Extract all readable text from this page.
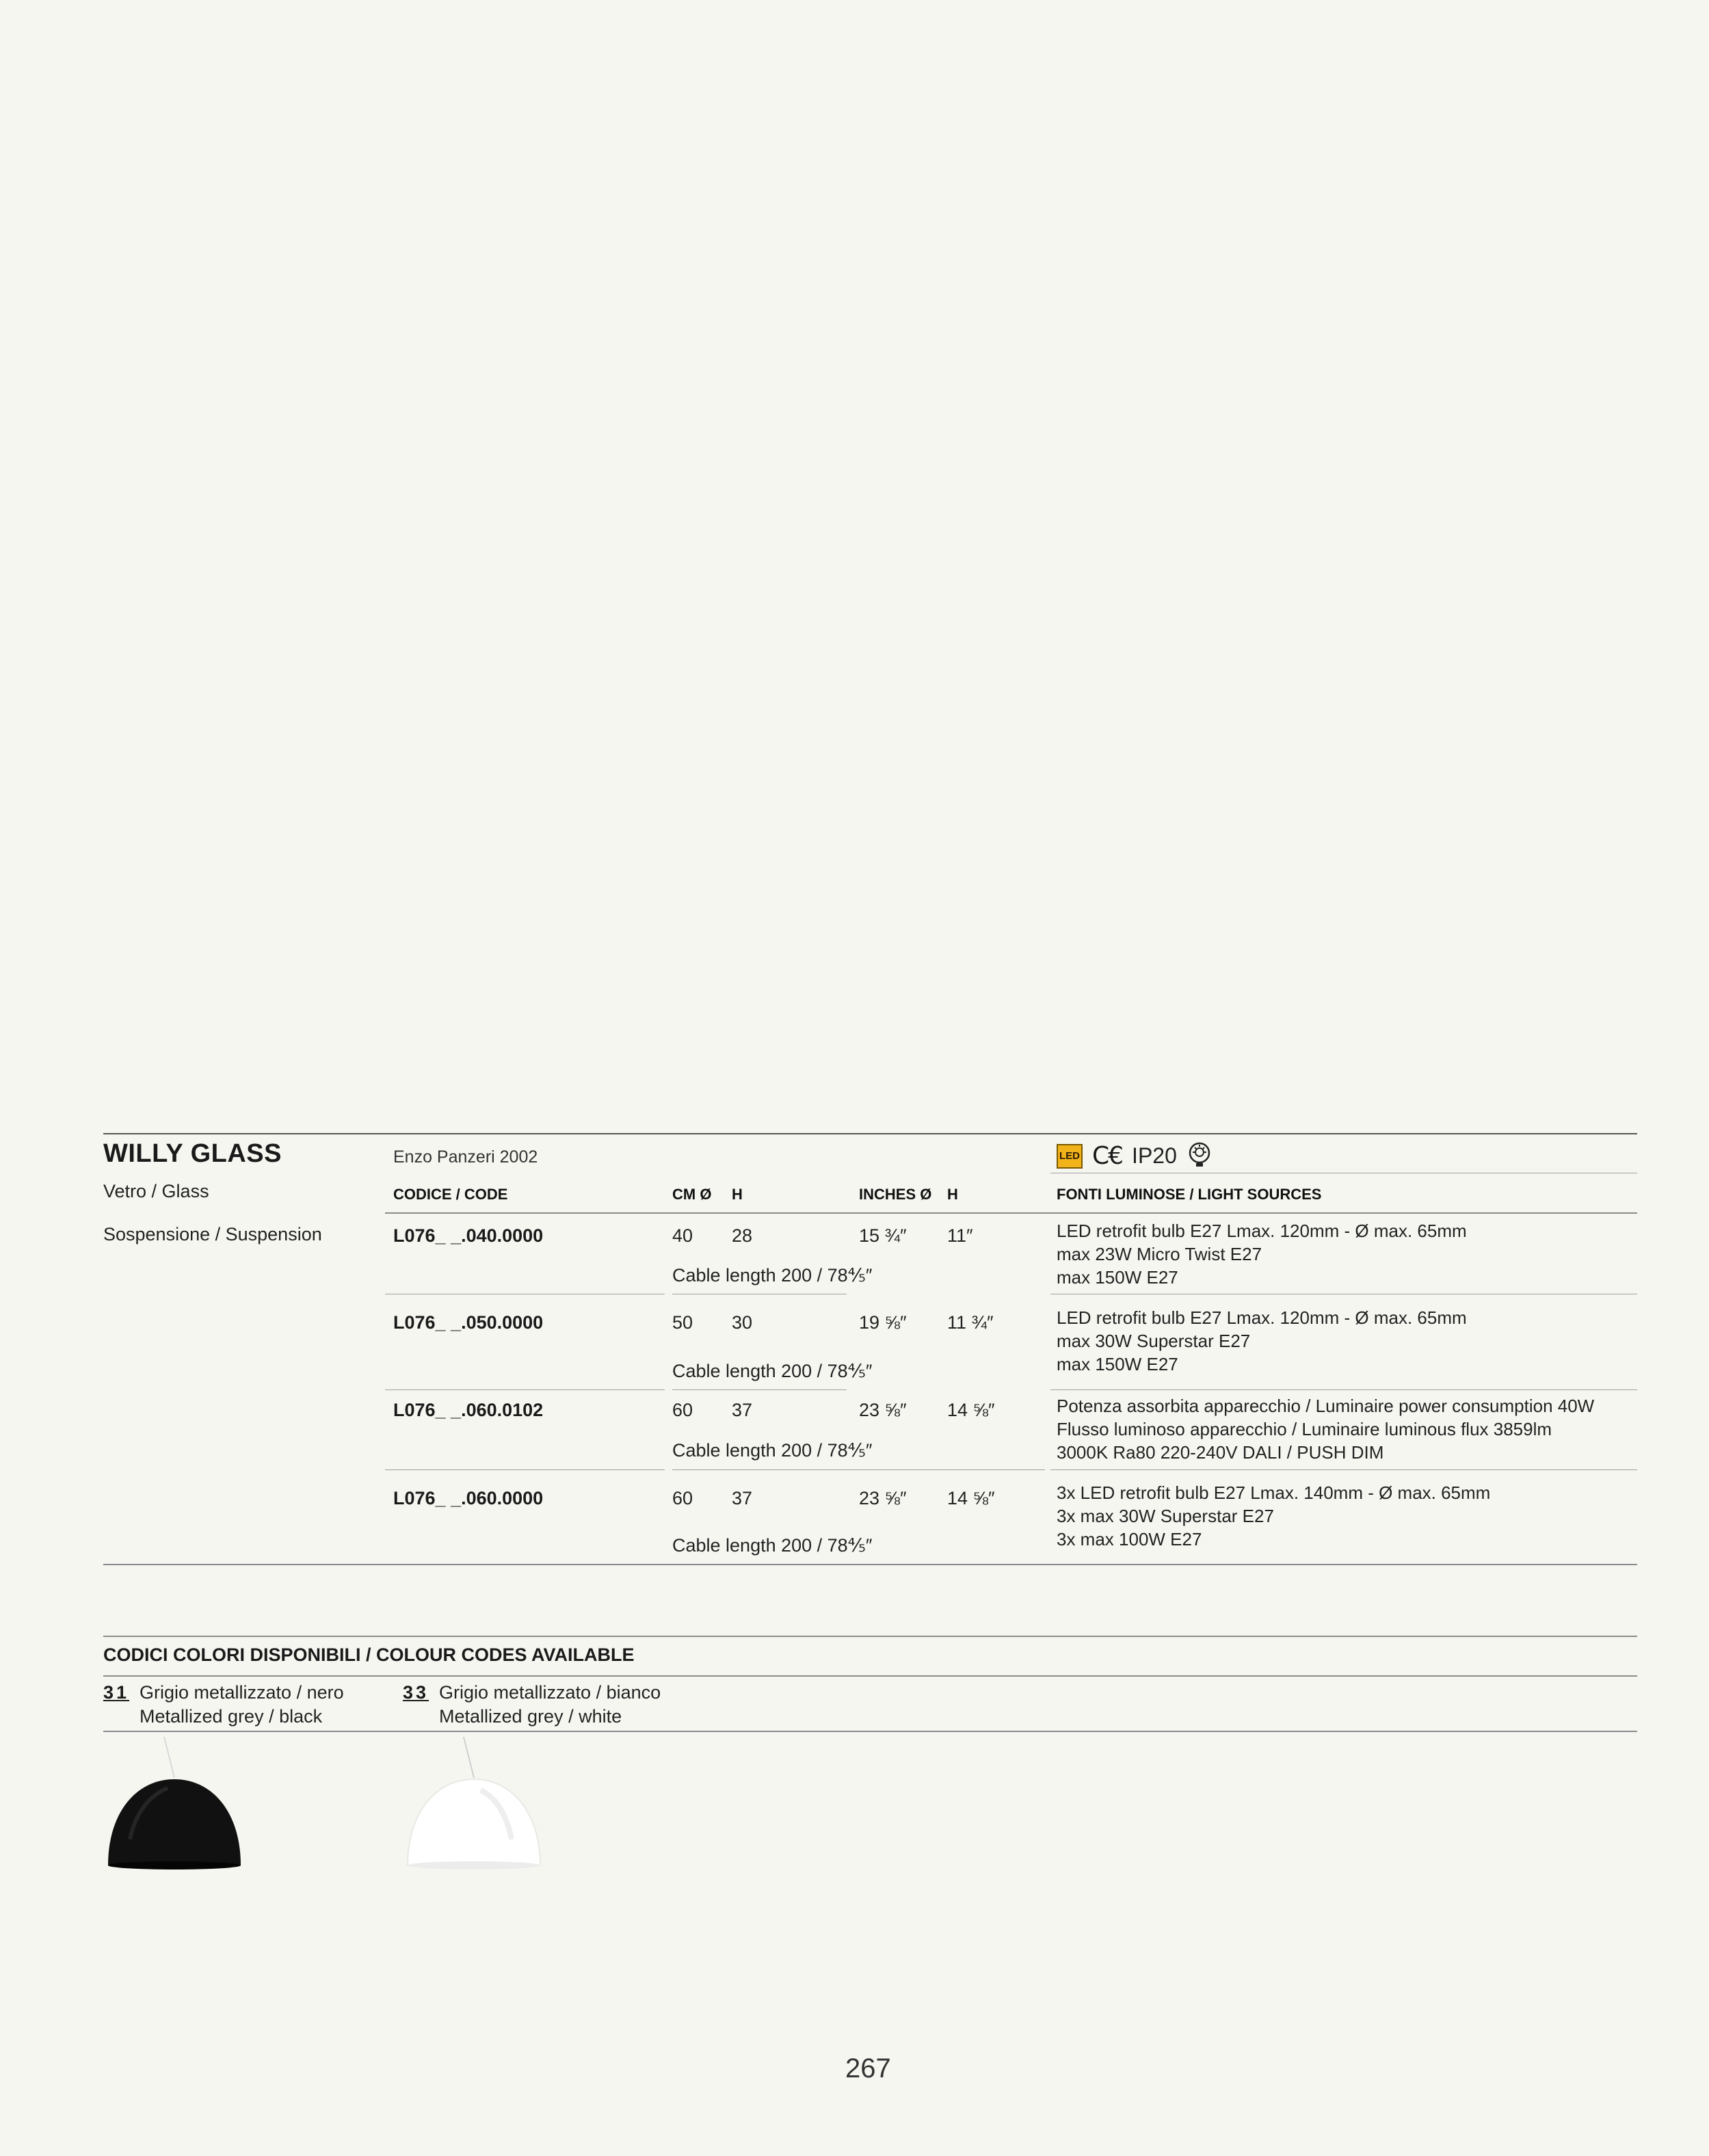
WILLY GLASS	Enzo Panzeri 2002	LED C€ IP20
Vetro / Glass	CODICE / CODE	CM Ø H	INCHES Ø H	FONTI LUMINOSE / LIGHT SOURCES
Sospensione / Suspension	L076_ _.040.0000	40 28	15 ¾″ 11″
Cable length 200 / 78⅘″
LED retrofit bulb E27 Lmax. 120mm - Ø max. 65mm
max 23W Micro Twist E27
max 150W E27
L076_ _.050.0000	50 30	19 ⅝″ 11 ¾″
Cable length 200 / 78⅘″
LED retrofit bulb E27 Lmax. 120mm - Ø max. 65mm
max 30W Superstar E27
max 150W E27
L076_ _.060.0102	60 37	23 ⅝″ 14 ⅝″
Cable length 200 / 78⅘″
Potenza assorbita apparecchio / Luminaire power consumption 40W
Flusso luminoso apparecchio / Luminaire luminous flux 3859lm
3000K Ra80 220-240V DALI / PUSH DIM
L076_ _.060.0000	60 37	23 ⅝″ 14 ⅝″
Cable length 200 / 78⅘″
3x LED retrofit bulb E27 Lmax. 140mm - Ø max. 65mm
3x max 30W Superstar E27
3x max 100W E27
CODICI COLORI DISPONIBILI / COLOUR CODES AVAILABLE
31 Grigio metallizzato / nero
Metallized grey / black
33 Grigio metallizzato / bianco
Metallized grey / white
267
